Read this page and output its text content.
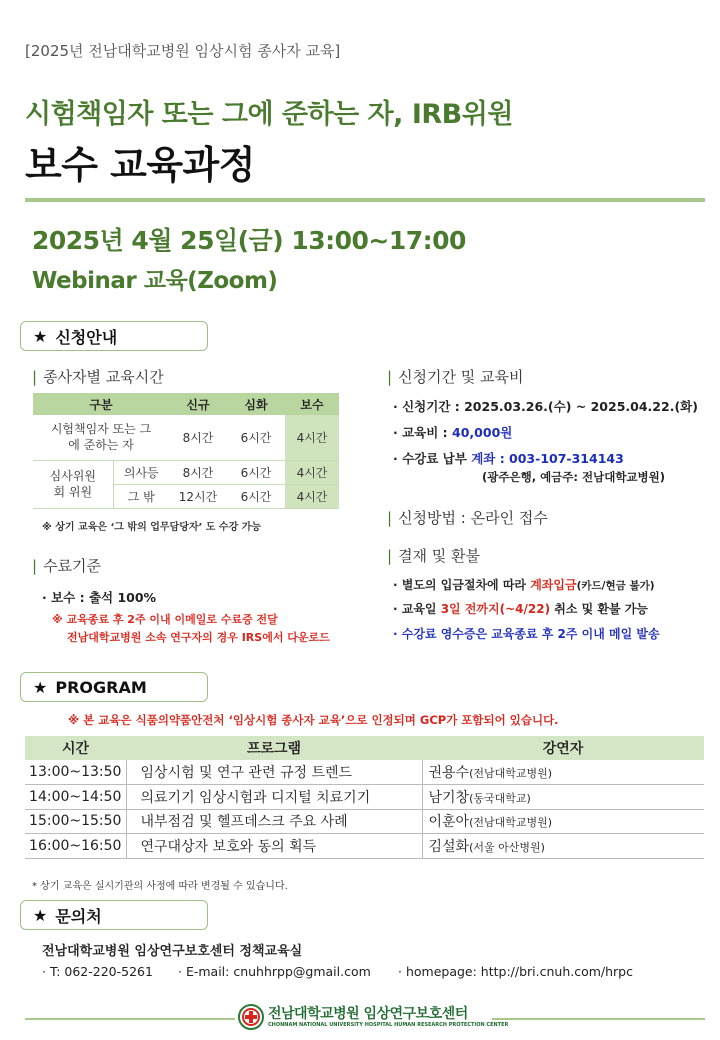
[2025년 전남대학교병원 임상시험 종사자 교육]
시험책임자 또는 그에 준하는 자, IRB위원
보수 교육과정
2025년 4월 25일(금) 13:00~17:00
Webinar 교육(Zoom)
★ 신청안내
| 종사자별 교육시간
구분		신규	심화	보수
시험책임자 또는 그에 준하는 자		8시간	6시간	4시간
심사위원회 위원	의사등	8시간	6시간	4시간
	그 밖	12시간	6시간	4시간
※ 상기 교육은 ‘그 밖의 업무담당자’ 도 수강 가능
| 수료기준
· 보수 : 출석 100%
※ 교육종료 후 2주 이내 이메일로 수료증 전달
전남대학교병원 소속 연구자의 경우 IRS에서 다운로드
| 신청기간 및 교육비
· 신청기간 : 2025.03.26.(수) ~ 2025.04.22.(화)
· 교육비 : 40,000원
· 수강료 납부 계좌 : 003-107-314143
(광주은행, 예금주: 전남대학교병원)
| 신청방법 : 온라인 접수
| 결재 및 환불
· 별도의 입금절차에 따라 계좌입금(카드/현금 불가)
· 교육일 3일 전까지(~4/22) 취소 및 환불 가능
· 수강료 영수증은 교육종료 후 2주 이내 메일 발송
★ PROGRAM
※ 본 교육은 식품의약품안전처 ‘임상시험 종사자 교육’으로 인정되며 GCP가 포함되어 있습니다.
시간	프로그램	강연자
13:00~13:50	임상시험 및 연구 관련 규정 트렌드	권용수(전남대학교병원)
14:00~14:50	의료기기 임상시험과 디지털 치료기기	남기창(동국대학교)
15:00~15:50	내부점검 및 헬프데스크 주요 사례	이훈아(전남대학교병원)
16:00~16:50	연구대상자 보호와 동의 획득	김설화(서울 아산병원)
* 상기 교육은 실시기관의 사정에 따라 변경될 수 있습니다.
★ 문의처
전남대학교병원 임상연구보호센터 정책교육실
· T: 062-220-5261 · E-mail: cnuhhrpp@gmail.com · homepage: http://bri.cnuh.com/hrpc
전남대학교병원 임상연구보호센터
CHONNAM NATIONAL UNIVERSITY HOSPITAL HUMAN RESEARCH PROTECTION CENTER
